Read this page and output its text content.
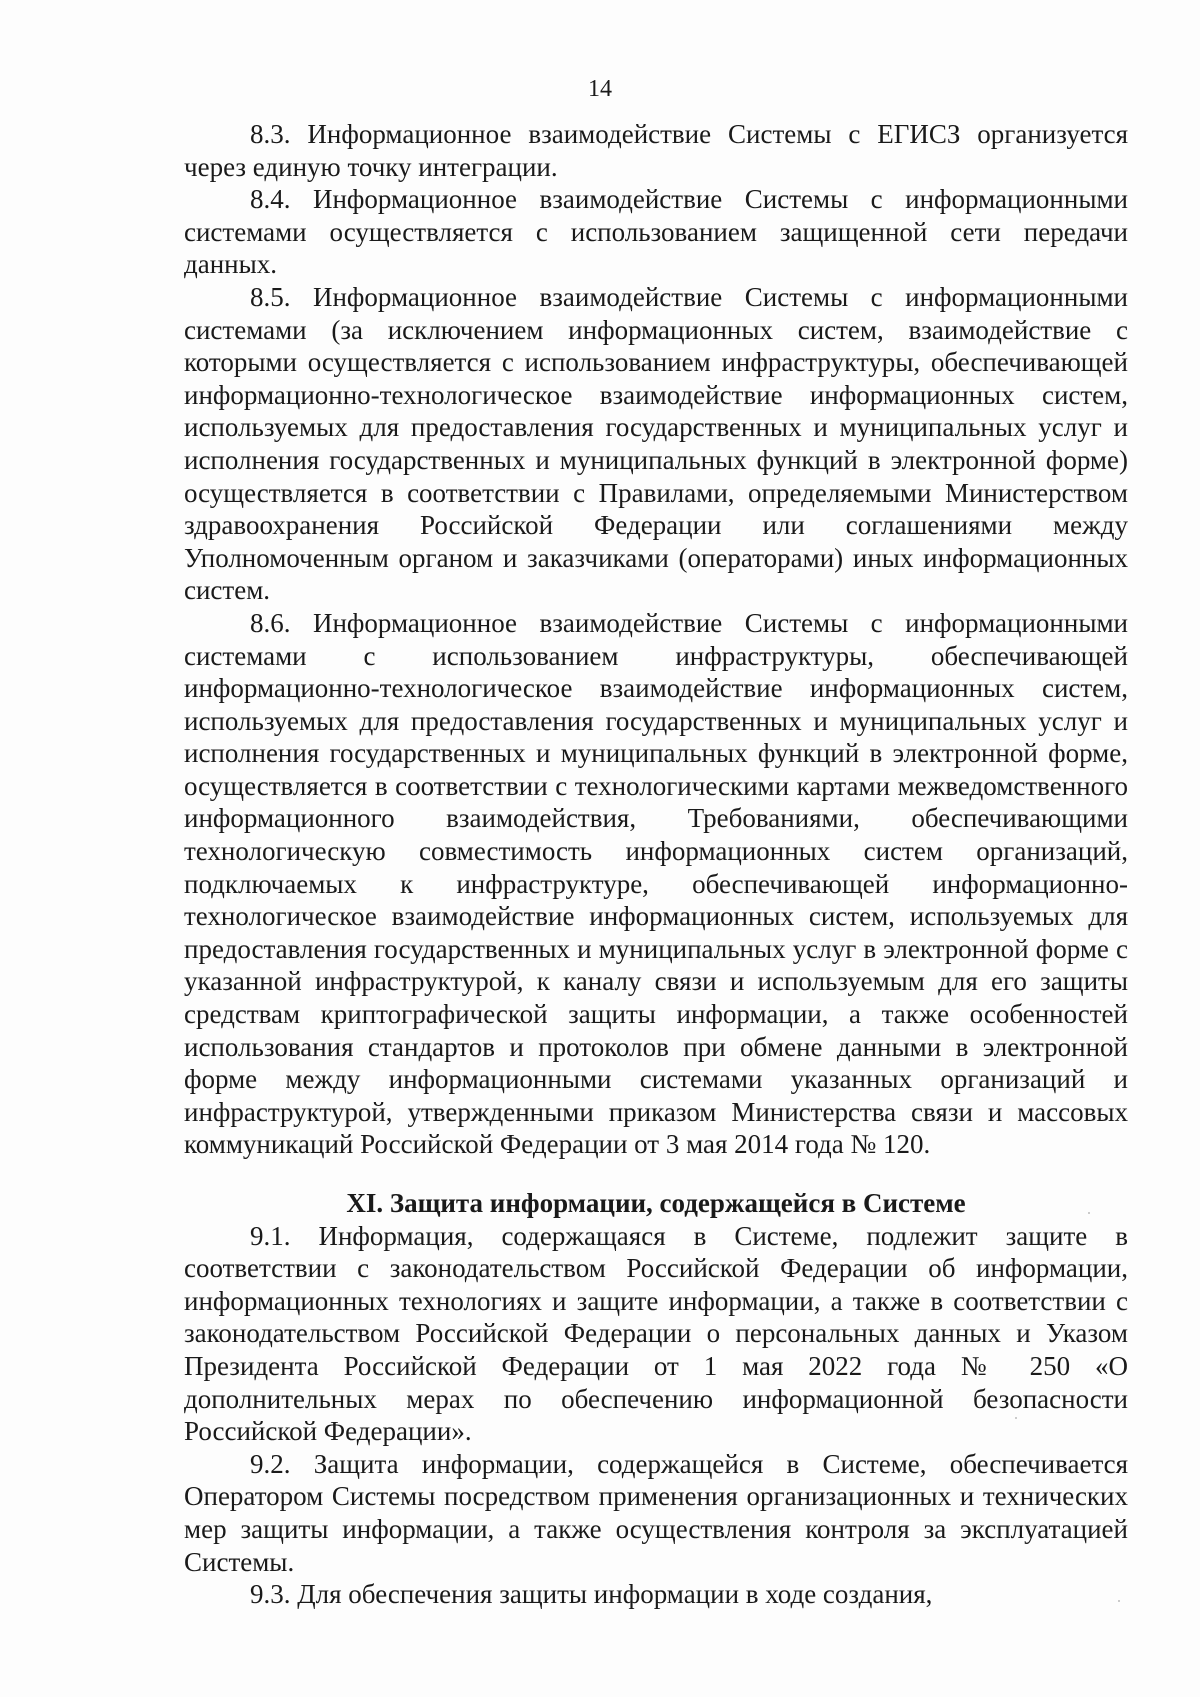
14

8.3. Информационное взаимодействие Системы с ЕГИСЗ организуется через единую точку интеграции.

8.4. Информационное взаимодействие Системы с информационными системами осуществляется с использованием защищенной сети передачи данных.

8.5. Информационное взаимодействие Системы с информационными системами (за исключением информационных систем, взаимодействие с которыми осуществляется с использованием инфраструктуры, обеспечивающей информационно-технологическое взаимодействие информационных систем, используемых для предоставления государственных и муниципальных услуг и исполнения государственных и муниципальных функций в электронной форме) осуществляется в соответствии с Правилами, определяемыми Министерством здравоохранения Российской Федерации или соглашениями между Уполномоченным органом и заказчиками (операторами) иных информационных систем.

8.6. Информационное взаимодействие Системы с информационными системами с использованием инфраструктуры, обеспечивающей информационно-технологическое взаимодействие информационных систем, используемых для предоставления государственных и муниципальных услуг и исполнения государственных и муниципальных функций в электронной форме, осуществляется в соответствии с технологическими картами межведомственного информационного взаимодействия, Требованиями, обеспечивающими технологическую совместимость информационных систем организаций, подключаемых к инфраструктуре, обеспечивающей информационно-технологическое взаимодействие информационных систем, используемых для предоставления государственных и муниципальных услуг в электронной форме с указанной инфраструктурой, к каналу связи и используемым для его защиты средствам криптографической защиты информации, а также особенностей использования стандартов и протоколов при обмене данными в электронной форме между информационными системами указанных организаций и инфраструктурой, утвержденными приказом Министерства связи и массовых коммуникаций Российской Федерации от 3 мая 2014 года № 120.

XI. Защита информации, содержащейся в Системе

9.1. Информация, содержащаяся в Системе, подлежит защите в соответствии с законодательством Российской Федерации об информации, информационных технологиях и защите информации, а также в соответствии с законодательством Российской Федерации о персональных данных и Указом Президента Российской Федерации от 1 мая 2022 года № 250 «О дополнительных мерах по обеспечению информационной безопасности Российской Федерации».

9.2. Защита информации, содержащейся в Системе, обеспечивается Оператором Системы посредством применения организационных и технических мер защиты информации, а также осуществления контроля за эксплуатацией Системы.

9.3. Для обеспечения защиты информации в ходе создания,
